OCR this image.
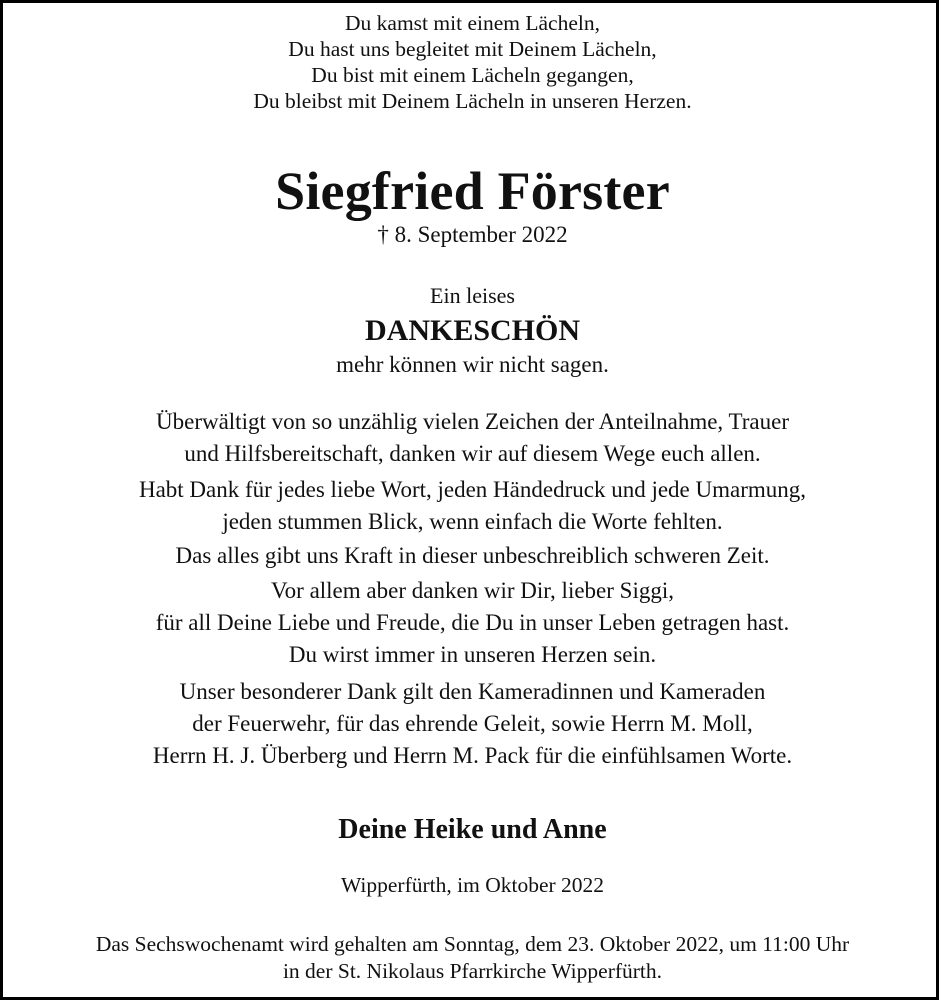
Du kamst mit einem Lächeln,
Du hast uns begleitet mit Deinem Lächeln,
Du bist mit einem Lächeln gegangen,
Du bleibst mit Deinem Lächeln in unseren Herzen.
Siegfried Förster
† 8. September 2022
Ein leises
DANKESCHÖN
mehr können wir nicht sagen.
Überwältigt von so unzählig vielen Zeichen der Anteilnahme, Trauer
und Hilfsbereitschaft, danken wir auf diesem Wege euch allen.
Habt Dank für jedes liebe Wort, jeden Händedruck und jede Umarmung,
jeden stummen Blick, wenn einfach die Worte fehlten.
Das alles gibt uns Kraft in dieser unbeschreiblich schweren Zeit.
Vor allem aber danken wir Dir, lieber Siggi,
für all Deine Liebe und Freude, die Du in unser Leben getragen hast.
Du wirst immer in unseren Herzen sein.
Unser besonderer Dank gilt den Kameradinnen und Kameraden
der Feuerwehr, für das ehrende Geleit, sowie Herrn M. Moll,
Herrn H. J. Überberg und Herrn M. Pack für die einfühlsamen Worte.
Deine Heike und Anne
Wipperfürth, im Oktober 2022
Das Sechswochenamt wird gehalten am Sonntag, dem 23. Oktober 2022, um 11:00 Uhr
in der St. Nikolaus Pfarrkirche Wipperfürth.
